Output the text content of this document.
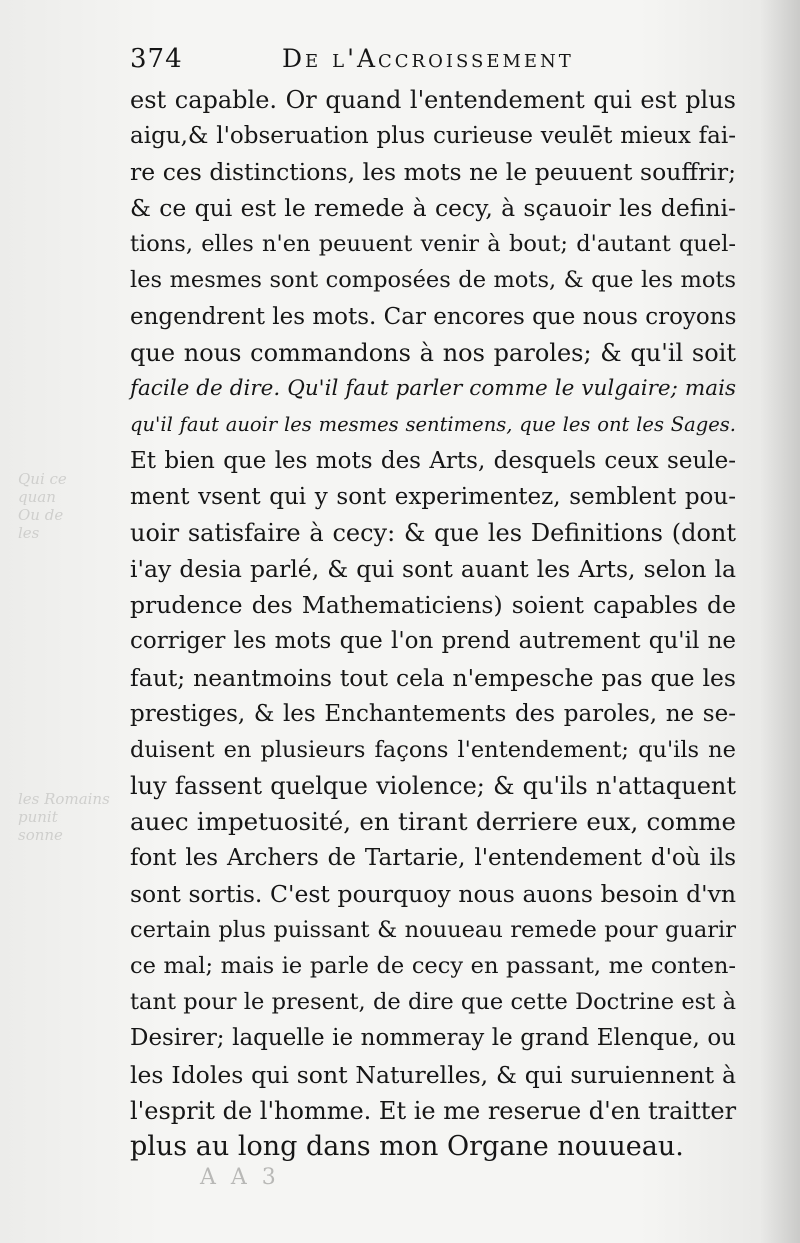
Qui ce
quan
Ou de
les
les Romains
punit
sonne
374	De l'Accroissement
est capable. Or quand l'entendement qui est plus
aigu,& l'obseruation plus curieuse veulēt mieux fai-
re ces distinctions, les mots ne le peuuent souffrir;
& ce qui est le remede à cecy, à sçauoir les defini-
tions, elles n'en peuuent venir à bout; d'autant quel-
les mesmes sont composées de mots, & que les mots
engendrent les mots. Car encores que nous croyons
que nous commandons à nos paroles; & qu'il soit
facile de dire. Qu'il faut parler comme le vulgaire; mais
qu'il faut auoir les mesmes sentimens, que les ont les Sages.
Et bien que les mots des Arts, desquels ceux seule-
ment vsent qui y sont experimentez, semblent pou-
uoir satisfaire à cecy: & que les Definitions (dont
i'ay desia parlé, & qui sont auant les Arts, selon la
prudence des Mathematiciens) soient capables de
corriger les mots que l'on prend autrement qu'il ne
faut; neantmoins tout cela n'empesche pas que les
prestiges, & les Enchantements des paroles, ne se-
duisent en plusieurs façons l'entendement; qu'ils ne
luy fassent quelque violence; & qu'ils n'attaquent
auec impetuosité, en tirant derriere eux, comme
font les Archers de Tartarie, l'entendement d'où ils
sont sortis. C'est pourquoy nous auons besoin d'vn
certain plus puissant & nouueau remede pour guarir
ce mal; mais ie parle de cecy en passant, me conten-
tant pour le present, de dire que cette Doctrine est à
Desirer; laquelle ie nommeray le grand Elenque, ou
les Idoles qui sont Naturelles, & qui suruiennent à
l'esprit de l'homme. Et ie me reserue d'en traitter
plus au long dans mon Organe nouueau.
A A 3
